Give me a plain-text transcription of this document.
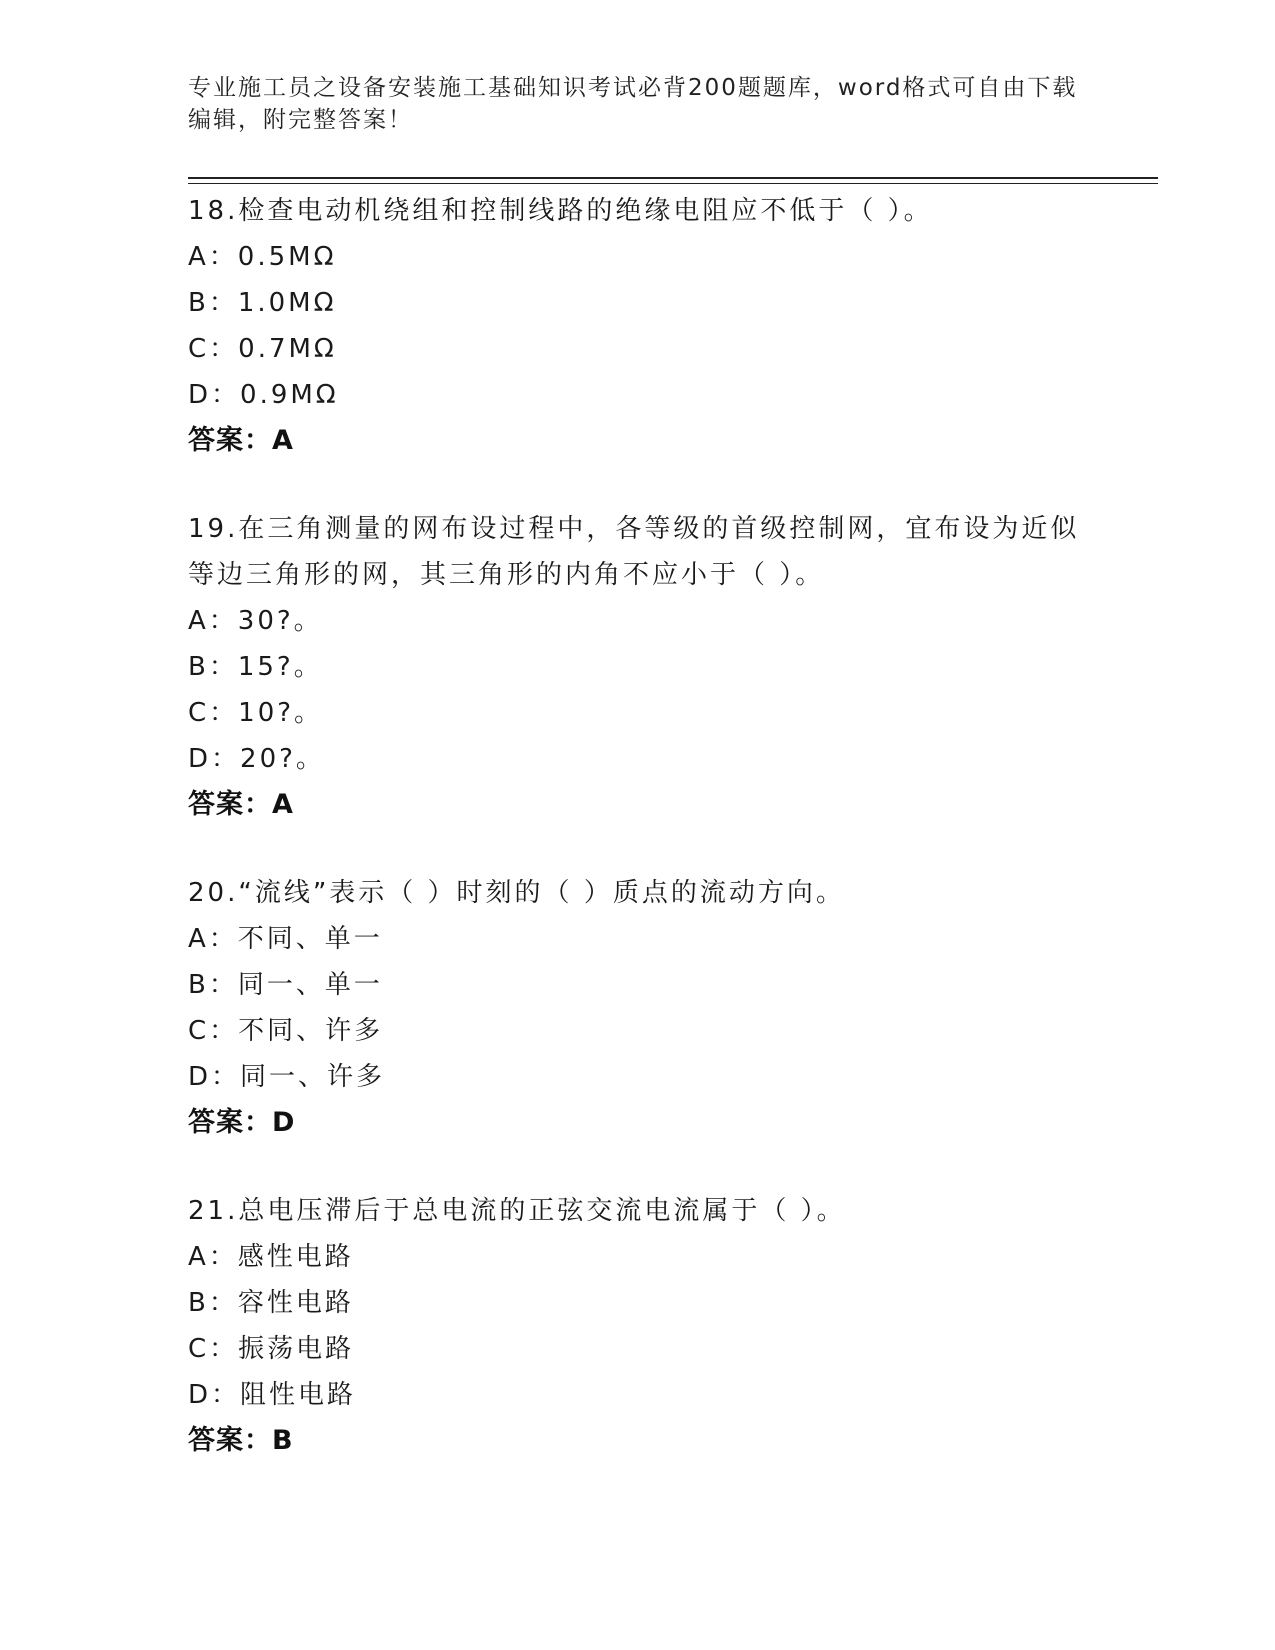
专业施工员之设备安装施工基础知识考试必背200题题库，word格式可自由下载
编辑，附完整答案！
18.检查电动机绕组和控制线路的绝缘电阻应不低于（ ）。
A：0.5MΩ
B：1.0MΩ
C：0.7MΩ
D：0.9MΩ
答案：A
19.在三角测量的网布设过程中，各等级的首级控制网，宜布设为近似
等边三角形的网，其三角形的内角不应小于（ ）。
A：30?。
B：15?。
C：10?。
D：20?。
答案：A
20.“流线”表示（ ）时刻的（ ）质点的流动方向。
A：不同、单一
B：同一、单一
C：不同、许多
D：同一、许多
答案：D
21.总电压滞后于总电流的正弦交流电流属于（ ）。
A：感性电路
B：容性电路
C：振荡电路
D：阻性电路
答案：B
